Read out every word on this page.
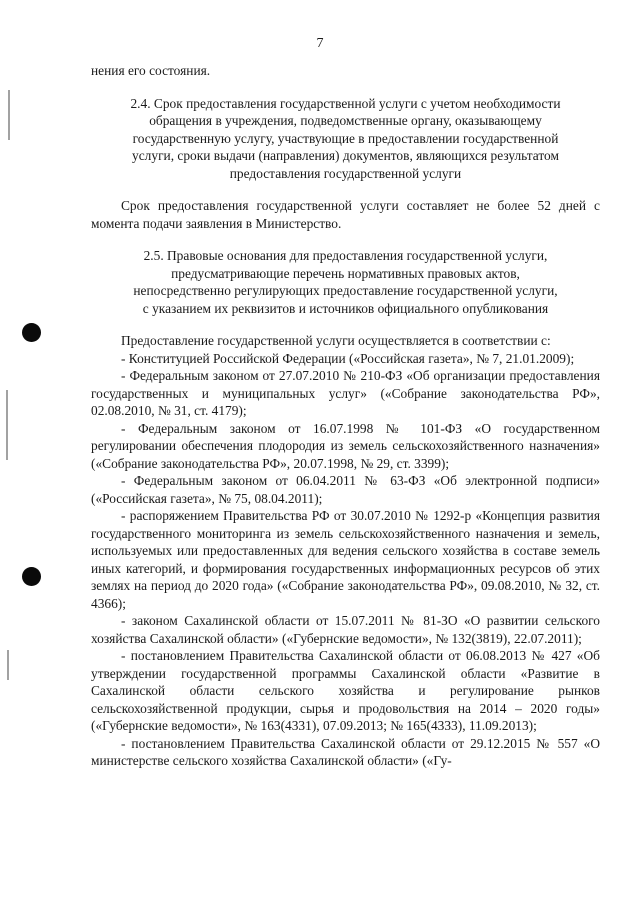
7

нения его состояния.

2.4. Срок предоставления государственной услуги с учетом необходимости

обращения в учреждения, подведомственные органу, оказывающему

государственную услугу, участвующие в предоставлении государственной

услуги, сроки выдачи (направления) документов, являющихся результатом

предоставления государственной услуги

Срок предоставления государственной услуги составляет не более 52 дней с момента подачи заявления в Министерство.

2.5. Правовые основания для предоставления государственной услуги,

предусматривающие перечень нормативных правовых актов,

непосредственно регулирующих предоставление государственной услуги,

с указанием их реквизитов и источников официального опубликования

Предоставление государственной услуги осуществляется в соответствии с:

- Конституцией Российской Федерации («Российская газета», № 7, 21.01.2009);

- Федеральным законом от 27.07.2010 № 210-ФЗ «Об организации предоставления государственных и муниципальных услуг» («Собрание законодательства РФ», 02.08.2010, № 31, ст. 4179);

- Федеральным законом от 16.07.1998 № 101-ФЗ «О государственном регулировании обеспечения плодородия из земель сельскохозяйственного назначения» («Собрание законодательства РФ», 20.07.1998, № 29, ст. 3399);

- Федеральным законом от 06.04.2011 № 63-ФЗ «Об электронной подписи» («Российская газета», № 75, 08.04.2011);

- распоряжением Правительства РФ от 30.07.2010 № 1292-р «Концепция развития государственного мониторинга из земель сельскохозяйственного назначения и земель, используемых или предоставленных для ведения сельского хозяйства в составе земель иных категорий, и формирования государственных информационных ресурсов об этих землях на период до 2020 года» («Собрание законодательства РФ», 09.08.2010, № 32, ст. 4366);

- законом Сахалинской области от 15.07.2011 № 81-ЗО «О развитии сельского хозяйства Сахалинской области» («Губернские ведомости», № 132(3819), 22.07.2011);

- постановлением Правительства Сахалинской области от 06.08.2013 № 427 «Об утверждении государственной программы Сахалинской области «Развитие в Сахалинской области сельского хозяйства и регулирование рынков сельскохозяйственной продукции, сырья и продовольствия на 2014 – 2020 годы» («Губернские ведомости», № 163(4331), 07.09.2013; № 165(4333), 11.09.2013);

- постановлением Правительства Сахалинской области от 29.12.2015 № 557 «О министерстве сельского хозяйства Сахалинской области» («Гу-
